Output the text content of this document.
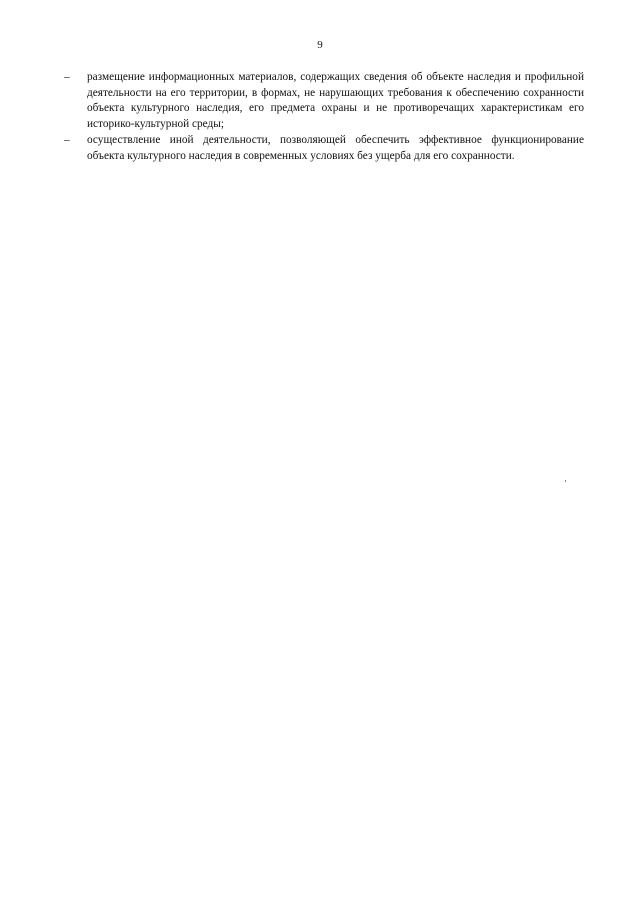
9
–	размещение информационных материалов, содержащих сведения об объекте наследия и профильной деятельности на его территории, в формах, не нарушающих требования к обеспечению сохранности объекта культурного наследия, его предмета охраны и не противоречащих характеристикам его историко-культурной среды;
–	осуществление иной деятельности, позволяющей обеспечить эффективное функционирование объекта культурного наследия в современных условиях без ущерба для его сохранности.
